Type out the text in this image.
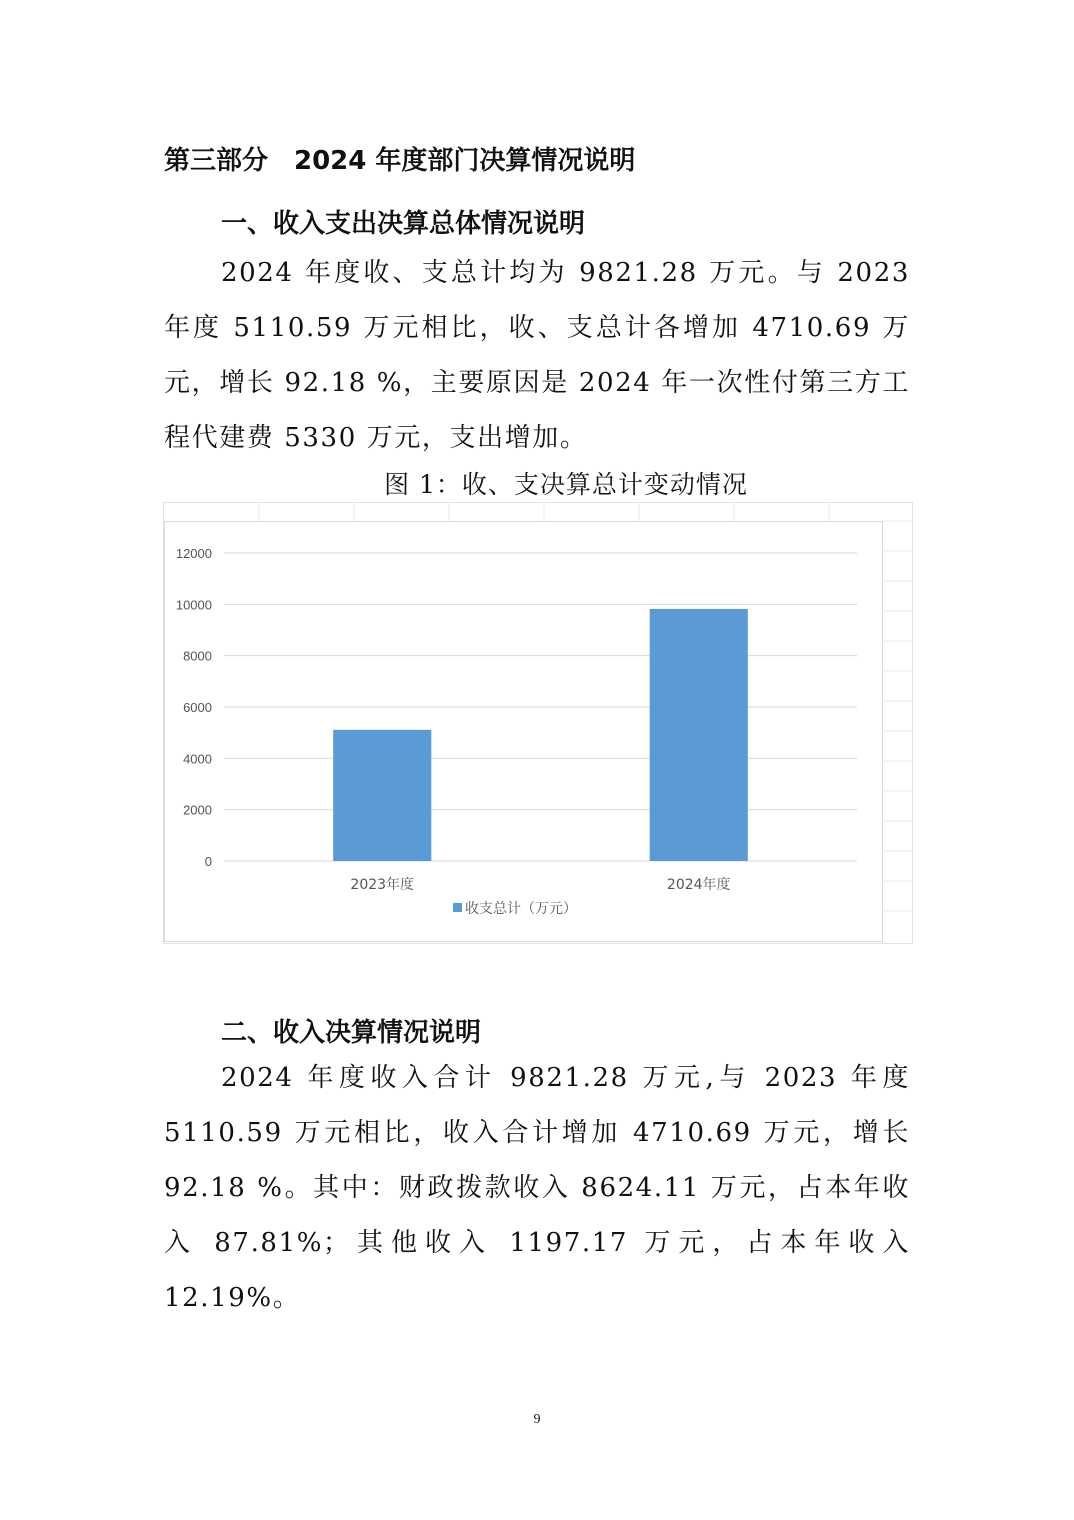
第三部分　2024 年度部门决算情况说明
一、收入支出决算总体情况说明

2024 年度收、支总计均为 9821.28 万元。与 2023 年度 5110.59 万元相比，收、支总计各增加 4710.69 万元，增长 92.18 %，主要原因是 2024 年一次性付第三方工程代建费 5330 万元，支出增加。

图 1：收、支决算总计变动情况

0
2000
4000
6000
8000
10000
12000
2023年度	2024年度
收支总计（万元）
二、收入决算情况说明

2024 年度收入合计 9821.28 万元,与 2023 年度 5110.59 万元相比，收入合计增加 4710.69 万元，增长 92.18 %。其中：财政拨款收入 8624.11 万元，占本年收入 87.81%；其他收入 1197.17 万元，占本年收入 12.19%。

9
